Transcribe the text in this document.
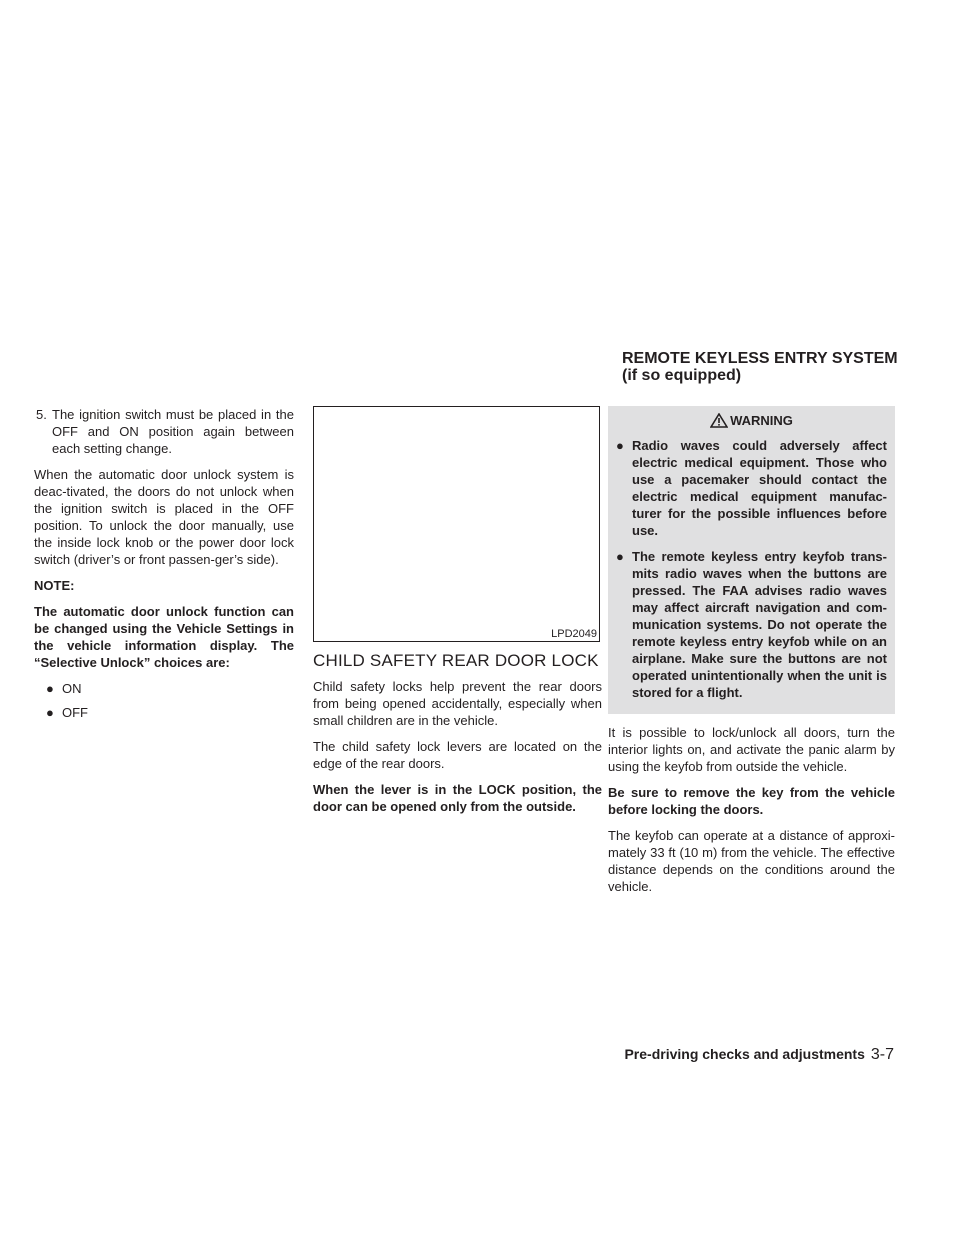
REMOTE KEYLESS ENTRY SYSTEM
(if so equipped)
5. The ignition switch must be placed in the OFF and ON position again between each setting change.

When the automatic door unlock system is deac-tivated, the doors do not unlock when the ignition switch is placed in the OFF position. To unlock the door manually, use the inside lock knob or the power door lock switch (driver’s or front passen-ger’s side).

NOTE:

The automatic door unlock function can be changed using the Vehicle Settings in the vehicle information display. The “Selective Unlock” choices are:

● ON
● OFF
LPD2049
CHILD SAFETY REAR DOOR LOCK

Child safety locks help prevent the rear doors from being opened accidentally, especially when small children are in the vehicle.

The child safety lock levers are located on the edge of the rear doors.

When the lever is in the LOCK position, the door can be opened only from the outside.

WARNING
● Radio waves could adversely affect electric medical equipment. Those who use a pacemaker should contact the electric medical equipment manufac-turer for the possible influences before use.
● The remote keyless entry keyfob trans-mits radio waves when the buttons are pressed. The FAA advises radio waves may affect aircraft navigation and com-munication systems. Do not operate the remote keyless entry keyfob while on an airplane. Make sure the buttons are not operated unintentionally when the unit is stored for a flight.

It is possible to lock/unlock all doors, turn the interior lights on, and activate the panic alarm by using the keyfob from outside the vehicle.

Be sure to remove the key from the vehicle before locking the doors.

The keyfob can operate at a distance of approxi-mately 33 ft (10 m) from the vehicle. The effective distance depends on the conditions around the vehicle.

Pre-driving checks and adjustments 3-7
